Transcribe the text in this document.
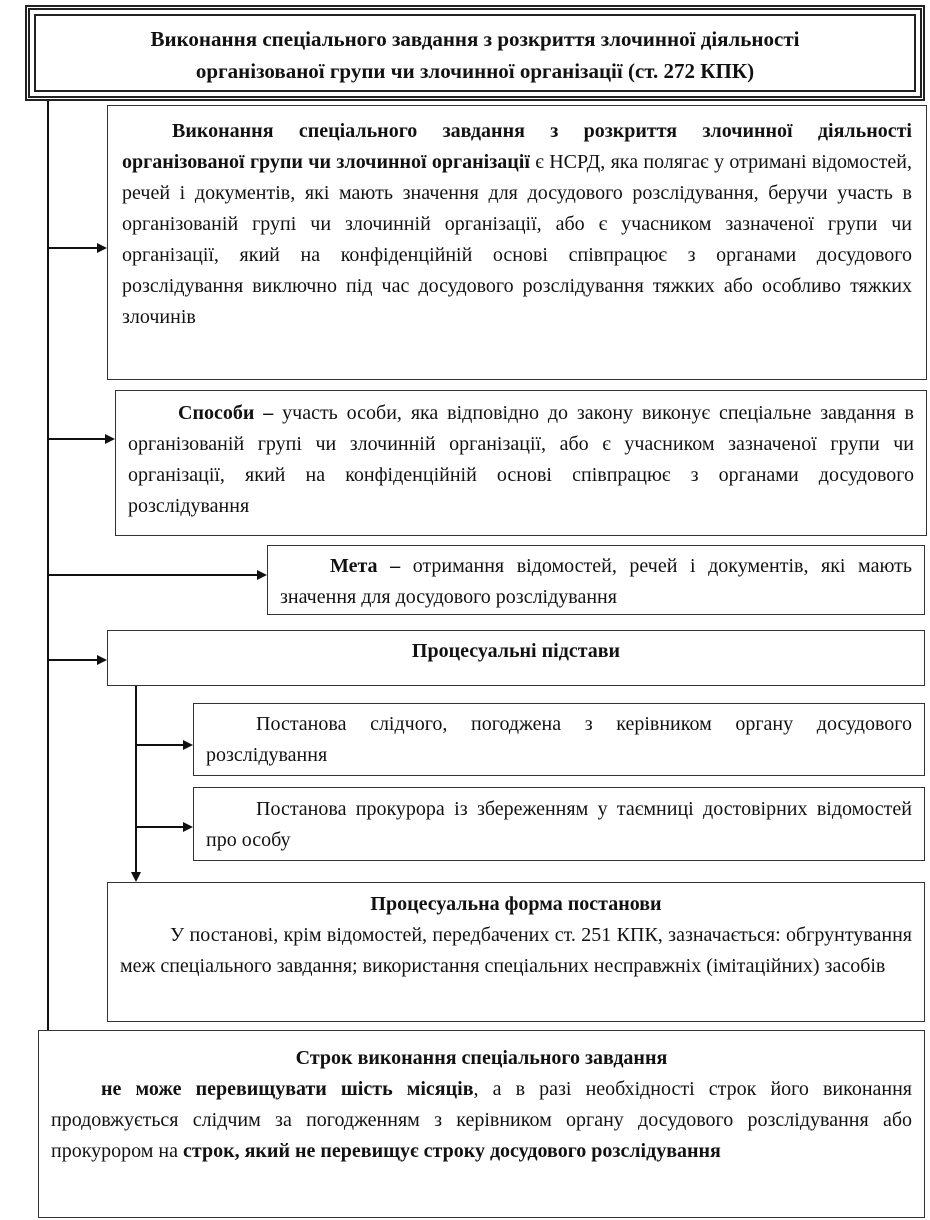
Виконання спеціального завдання з розкриття злочинної діяльності
організованої групи чи злочинної організації (ст. 272 КПК)
Виконання спеціального завдання з розкриття злочинної діяльності організованої групи чи злочинної організації є НСРД, яка полягає у отримані відомостей, речей і документів, які мають значення для досудового розслідування, беручи участь в організованій групі чи злочинній організації, або є учасником зазначеної групи чи організації, який на конфіденційній основі співпрацює з органами досудового розслідування виключно під час досудового розслідування тяжких або особливо тяжких злочинів
Способи – участь особи, яка відповідно до закону виконує спеціальне завдання в організованій групі чи злочинній організації, або є учасником зазначеної групи чи організації, який на конфіденційній основі співпрацює з органами досудового розслідування
Мета – отримання відомостей, речей і документів, які мають значення для досудового розслідування
Процесуальні підстави
Постанова слідчого, погоджена з керівником органу досудового розслідування
Постанова прокурора із збереженням у таємниці достовірних відомостей про особу
Процесуальна форма постанови
У постанові, крім відомостей, передбачених ст. 251 КПК, зазначається: обгрунтування меж спеціального завдання; використання спеціальних несправжніх (імітаційних) засобів
Строк виконання спеціального завдання
не може перевищувати шість місяців, а в разі необхідності строк його виконання продовжується слідчим за погодженням з керівником органу досудового розслідування або прокурором на строк, який не перевищує строку досудового розслідування
